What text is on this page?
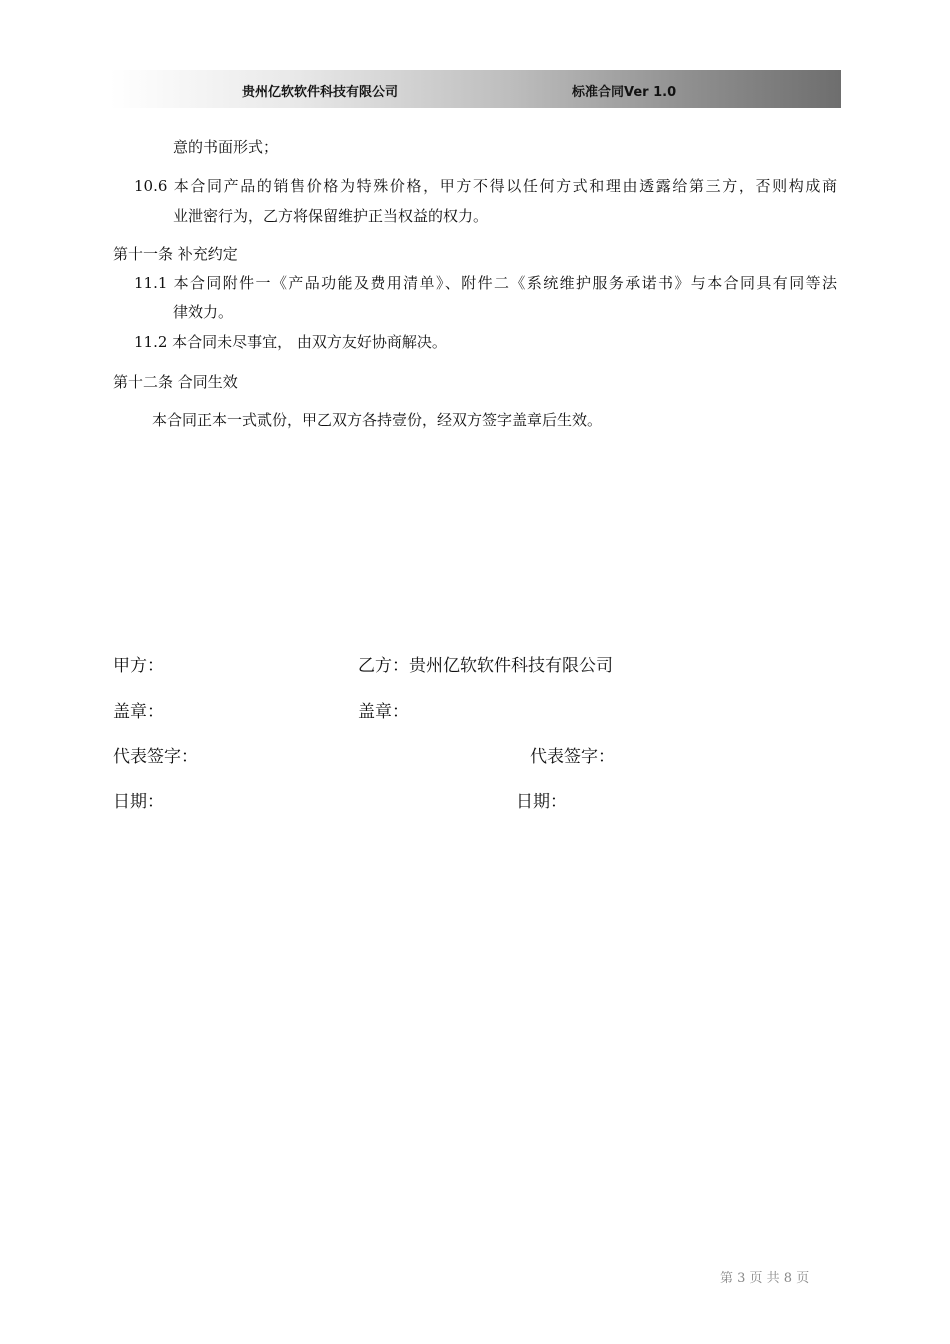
贵州亿软软件科技有限公司	标准合同Ver 1.0
意的书面形式；
10.6 本合同产品的销售价格为特殊价格，甲方不得以任何方式和理由透露给第三方，否则构成商
业泄密行为，乙方将保留维护正当权益的权力。
第十一条 补充约定
11.1 本合同附件一《产品功能及费用清单》、附件二《系统维护服务承诺书》与本合同具有同等法
律效力。
11.2 本合同未尽事宜， 由双方友好协商解决。
第十二条 合同生效
本合同正本一式贰份，甲乙双方各持壹份，经双方签字盖章后生效。
甲方：	乙方：贵州亿软软件科技有限公司
盖章：	盖章：
代表签字：	代表签字：
日期：	日期：
第 3 页 共 8 页
